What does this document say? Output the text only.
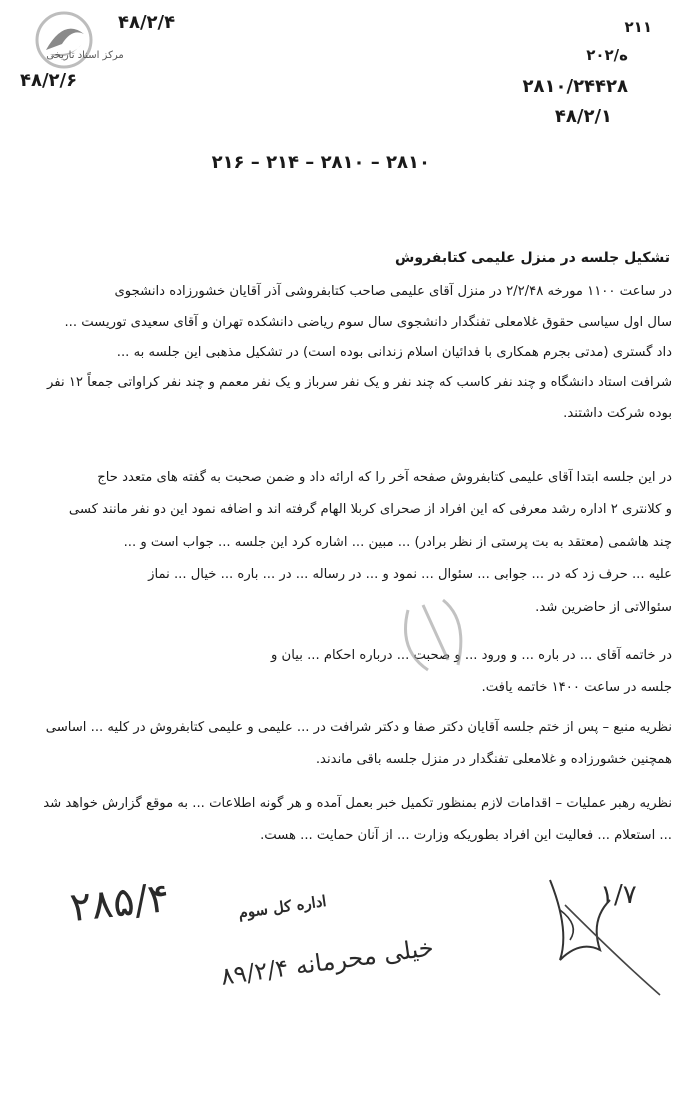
مرکز اسناد تاریخی
۴۸/۲/۴
۴۸/۲/۶
۲۱۱
۲۰ه/۲
۲۸۱۰/۲۴۴۲۸
۴۸/۲/۱
۲۱۶ – ۲۱۴ – ۲۸۱۰ – ۲۸۱۰
تشکیل جلسه در منزل علیمی کتابفروش
در ساعت ۱۱۰۰ مورخه ۲/۲/۴۸ در منزل آقای علیمی صاحب کتابفروشی آذر آقایان خشورزاده دانشجوی
سال اول سیاسی حقوق غلامعلی تفنگدار دانشجوی سال سوم ریاضی دانشکده تهران و آقای سعیدی توریست ...
داد گستری (مدتی بجرم همکاری با فدائیان اسلام زندانی بوده است) در تشکیل مذهبی این جلسه به ...
شرافت استاد دانشگاه و چند نفر کاسب که چند نفر و یک نفر سرباز و یک نفر معمم و چند نفر کراواتی جمعاً ۱۲ نفر
بوده شرکت داشتند.
در این جلسه ابتدا آقای علیمی کتابفروش صفحه آخر را که ارائه داد و ضمن صحبت به گفته های متعدد حاج
و کلانتری ۲ اداره رشد معرفی که این افراد از صحرای کربلا الهام گرفته اند و اضافه نمود این دو نفر مانند کسی
چند هاشمی (معتقد به بت پرستی از نظر برادر) ... مبین ... اشاره کرد این جلسه ... جواب است و ...
علیه ... حرف زد که در ... جوابی ... سئوال ... نمود و ... در رساله ... در ... باره ... خیال ... نماز
سئوالاتی از حاضرین شد.
در خاتمه آقای ... در باره ... و ورود ... و صحبت ... درباره احکام ... بیان و
جلسه در ساعت ۱۴۰۰ خاتمه یافت.
نظریه منبع – پس از ختم جلسه آقایان دکتر صفا و دکتر شرافت در ... علیمی و علیمی کتابفروش در کلیه ... اساسی
همچنین خشورزاده و غلامعلی تفنگدار در منزل جلسه باقی ماندند.
نظریه رهبر عملیات – اقدامات لازم بمنظور تکمیل خبر بعمل آمده و هر گونه اطلاعات ... به موقع گزارش خواهد شد
... استعلام ... فعالیت این افراد بطوریکه وزارت ... از آنان حمایت ... هست.
۲۸۵/۴	اداره کل سوم
خیلی محرمانه ۸۹/۲/۴
۱/۷
